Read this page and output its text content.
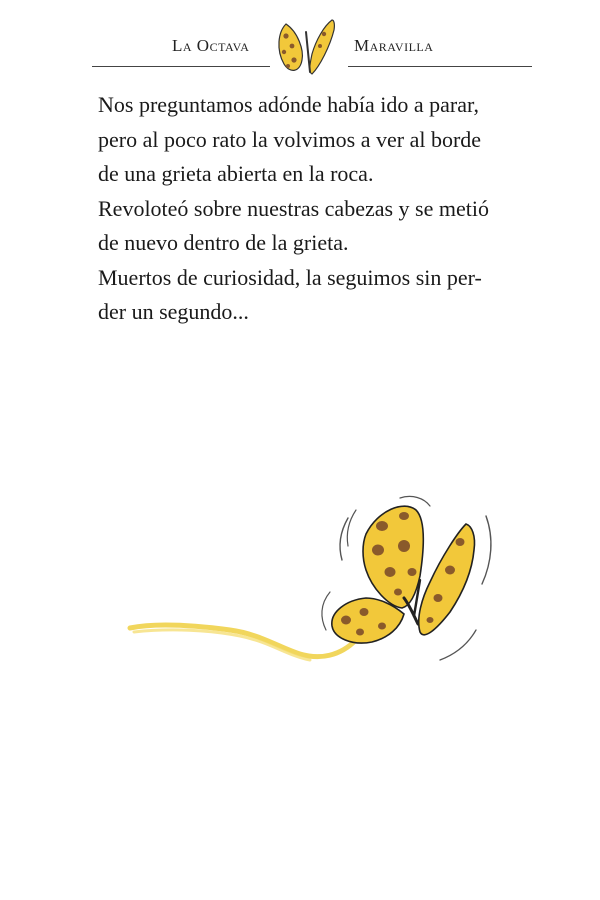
La Octava	Maravilla
Nos preguntamos adónde había ido a parar,
pero al poco rato la volvimos a ver al borde
de una grieta abierta en la roca.
Revoloteó sobre nuestras cabezas y se metió
de nuevo dentro de la grieta.
Muertos de curiosidad, la seguimos sin per-
der un segundo...
